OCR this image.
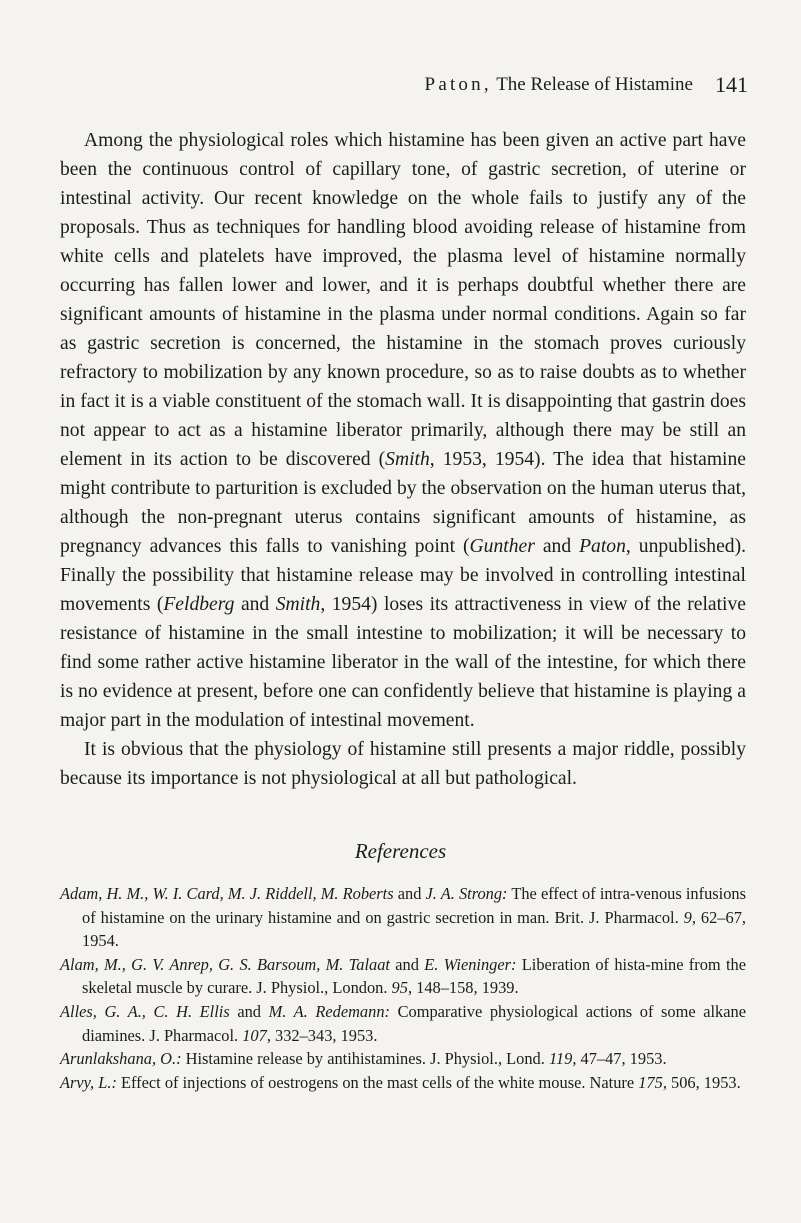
Paton, The Release of Histamine 141

Among the physiological roles which histamine has been given an active part have been the continuous control of capillary tone, of gastric secretion, of uterine or intestinal activity. Our recent knowledge on the whole fails to justify any of the proposals. Thus as techniques for handling blood avoiding release of histamine from white cells and platelets have improved, the plasma level of histamine normally occurring has fallen lower and lower, and it is perhaps doubtful whether there are significant amounts of histamine in the plasma under normal conditions. Again so far as gastric secretion is concerned, the histamine in the stomach proves curiously refractory to mobilization by any known procedure, so as to raise doubts as to whether in fact it is a viable constituent of the stomach wall. It is disappointing that gastrin does not appear to act as a histamine liberator primarily, although there may be still an element in its action to be discovered (Smith, 1953, 1954). The idea that histamine might contribute to parturition is excluded by the observation on the human uterus that, although the non-pregnant uterus contains significant amounts of histamine, as pregnancy advances this falls to vanishing point (Gunther and Paton, unpublished). Finally the possibility that histamine release may be involved in controlling intestinal movements (Feldberg and Smith, 1954) loses its attractiveness in view of the relative resistance of histamine in the small intestine to mobilization; it will be necessary to find some rather active histamine liberator in the wall of the intestine, for which there is no evidence at present, before one can confidently believe that histamine is playing a major part in the modulation of intestinal movement.

It is obvious that the physiology of histamine still presents a major riddle, possibly because its importance is not physiological at all but pathological.

References

Adam, H. M., W. I. Card, M. J. Riddell, M. Roberts and J. A. Strong: The effect of intra-venous infusions of histamine on the urinary histamine and on gastric secretion in man. Brit. J. Pharmacol. 9, 62–67, 1954.

Alam, M., G. V. Anrep, G. S. Barsoum, M. Talaat and E. Wieninger: Liberation of hista-mine from the skeletal muscle by curare. J. Physiol., London. 95, 148–158, 1939.

Alles, G. A., C. H. Ellis and M. A. Redemann: Comparative physiological actions of some alkane diamines. J. Pharmacol. 107, 332–343, 1953.

Arunlakshana, O.: Histamine release by antihistamines. J. Physiol., Lond. 119, 47–47, 1953.

Arvy, L.: Effect of injections of oestrogens on the mast cells of the white mouse. Nature 175, 506, 1953.
